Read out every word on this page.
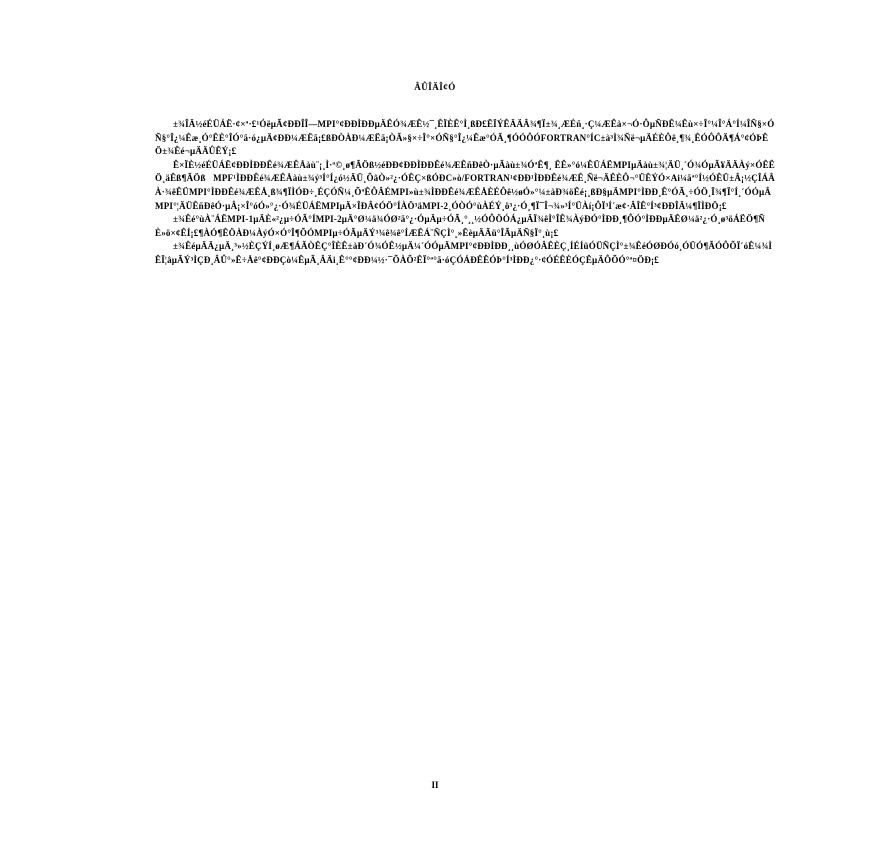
ÂÛÎÄÎ¢Ó

±¾ÎÄ½éÉÜÁË·¢×ª·£¹ÓëµÃ¢ÐÐÎÎ—MPI°¢ÐÐÌÐÐµÄÊÓ¾ÆÊ½¯¸ÊÏÈÊ°Ì¸ßÐ£ËÏÝÊÄÄÂ¾¶Ï±¾¸ÆÉñ¸·Ç¼ÆÊà×¬Ó·ÔµÑÐÊ¼Êù×÷Î°¼Î°Á°Í¼ÎÑ§×ÓÑ§°Î¿¼Êæ¸Ó°ÊÈ°ÎÓ°ã·ó¿µÄ¢ÐÐ¼ÆËã¡£ßÐÒÀÐ¼ÆËã¡ÒÃ»§×÷Î°×ÓÑ§°Î¿¼Êæ°ÓÃ¸¶ÓÓÔÓFORTRAN°ÍC±à³Ì¾Ñë¬µÄÉÈÔê¸¶¾¸ÊÓÔÔÄ¶Á°¢ÓÞÊÖ±¾Êé¬µÄÄÛÊÝ¡£

Ê×ÏÈ½éÉÜÁË¢ÐÐÌÐÐÊé¾ÆÊÅàù¨¡¸Ì·ª©¸ø¶ÃÖß½éÐÐ¢ÐÐÌÐÐÊé¾ÆÊñÐêÒ·µÃàù±¾ÓªÊ¶¸ ÊÊ»°ó¼ÊÜÁËMPIµÄàù±¾¦ÄÜ¸´Ó¾ÓµÃ¥ÄÄÀý×ÓÊÊÖ¸äÊß¶ÃÖß MPF¹ÌÐÐÊé¾ÆÊÅàù±¾ý³Í°Í¿ó½ÄÜ¸ÕâÒ»²¿·ÓÊÇ×ßÓÐC»ò/FORTRAN¹¢ÐÐ¹ÌÐÐÊé¾ÆÊ¸Ñë¬ÄÊÈÔ¬°ÜÊÝÓ×Ai¼ãª°Í½ÓÊÜ±Â¡½ÇÎÁÂÀ·¾êÊÜMPI°ÌÐÐÊé¾ÆÊÅ¸ß¾¶ÏÌÓÐ÷¸ÉÇÓÑ¼¸ÕªÊÔÂÉMPI»ù±¾ÌÐÐÊé¾ÆÊÅÈÉÔê½øÓ»°¼±àÐ¾öÊé¡¸ßÐ§µÄMPI°ÌÐÐ¸Ê°ÓÃ¸÷ÓÖ¸Ï¾¶Ï°Í¸´ÓÓµÂMPI°¦ÄÜÊñÐêÓ·µÂ¡×Î°óÓ»°¿·Ó¾ÉÜÁËMPIµÄ×ÎÐÂ¢ÓÖ°ÍÀÖ³äMPI-2¸ÓÒÓ°ùÀÉÝ¸ö³¿·Ó¸¶Ï¯Î¬¾»³Í°ÜÀí¡ÔÏ³Í´æ¢·ÂÎÊ°Í³¢ÐÐÎÄ¼¶ÏÌÐÖ¡£

±¾Êé°ùÀ¨ÁËMPI-1µÄÈ«²¿µ÷ÓÃ°ÍMPI-2µÄ°Ø¼ä¾ÓØ²ã°¿·ÓµÄµ÷ÓÃ¸°¸¸½ÓÔÖÓÁ¿µÄÏ¾êÌ°ÎÊ¾ÀýÐÓ°ÌÐÐ¸¶ÔÓ°ÌÐÐµÄÊØ¼ä²¿·Ó¸ø³öÁËÖ¶ÑÈ»ö×¢ÊÍ¡£¶ÀÓ¶ÊÖÀÐ¼ÀýÓ×Ó°Î¶ÕÓMPIµ÷ÓÃµÄÝ³¾ê¾ê°ÍÆÊÁ¨ÑÇÌ°¸»ÊèµÄÃü°ÎÃµÄÑ§Ï°¸ù¡£

±¾ÊéµÄÄ¿µÄ¸³»½ÈÇÝÍ¸øÆ¶ÁÃÒÊÇ°ÎÈÊ±àÐ´Ó¾ÓÊ½µÄ¼´ÓÓµÄMPI°¢ÐÐÌÐÐ¸¸ùÓØÓÂÊÈÇ¸ÍÉÍüÓÜÑÇÌ°±¾ÊéÓØÐÓó¸ÓÜÓ¶ÃÓÔÕÏ´óÊ¼¾ÌÊÏ¦âµÃÝ³ÌÇÐ¸ÂÛ°»Ê÷Åê°¢ÐÐÇò¼ÊµÃ¸ÂÄi¸Ê°°¢ÐÐ¼½·¯ÕÀÕ²ÊÏ°ª°ã·óÇÓÁÐÊÊÓÞ°Í³ÌÐÐ¿°·¢ÓÉÊÈÓÇÊµÄÔÕÓ°ª¤ÖÐ¡£

II
